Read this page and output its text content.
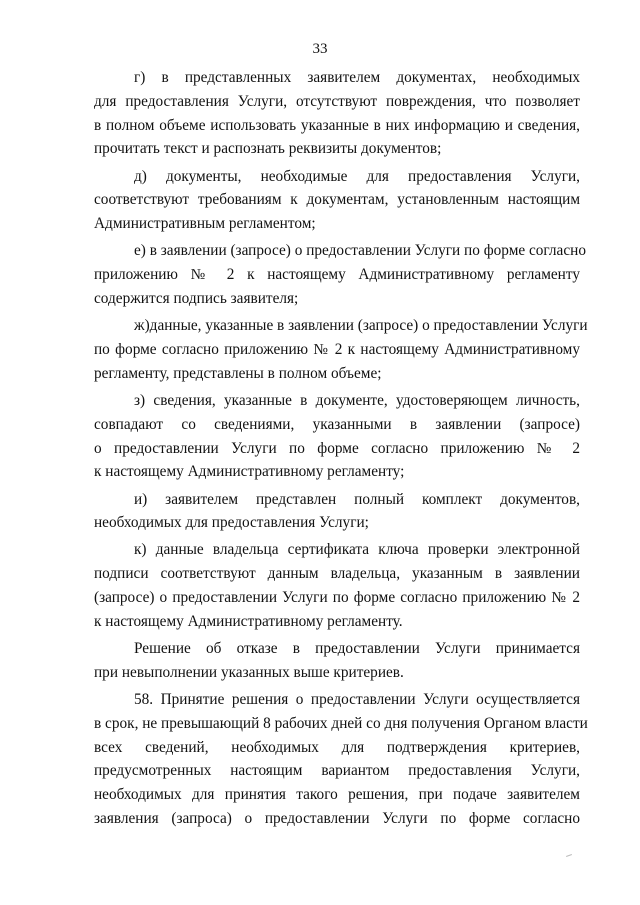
33

г) в представленных заявителем документах, необходимых
для предоставления Услуги, отсутствуют повреждения, что позволяет
в полном объеме использовать указанные в них информацию и сведения,
прочитать текст и распознать реквизиты документов;

д) документы, необходимые для предоставления Услуги,
соответствуют требованиям к документам, установленным настоящим
Административным регламентом;

е) в заявлении (запросе) о предоставлении Услуги по форме согласно
приложению № 2 к настоящему Административному регламенту
содержится подпись заявителя;

ж)данные, указанные в заявлении (запросе) о предоставлении Услуги
по форме согласно приложению № 2 к настоящему Административному
регламенту, представлены в полном объеме;

з) сведения, указанные в документе, удостоверяющем личность,
совпадают со сведениями, указанными в заявлении (запросе)
о предоставлении Услуги по форме согласно приложению № 2
к настоящему Административному регламенту;

и) заявителем представлен полный комплект документов,
необходимых для предоставления Услуги;

к) данные владельца сертификата ключа проверки электронной
подписи соответствуют данным владельца, указанным в заявлении
(запросе) о предоставлении Услуги по форме согласно приложению № 2
к настоящему Административному регламенту.

Решение об отказе в предоставлении Услуги принимается
при невыполнении указанных выше критериев.

58. Принятие решения о предоставлении Услуги осуществляется
в срок, не превышающий 8 рабочих дней со дня получения Органом власти
всех сведений, необходимых для подтверждения критериев,
предусмотренных настоящим вариантом предоставления Услуги,
необходимых для принятия такого решения, при подаче заявителем
заявления (запроса) о предоставлении Услуги по форме согласно
